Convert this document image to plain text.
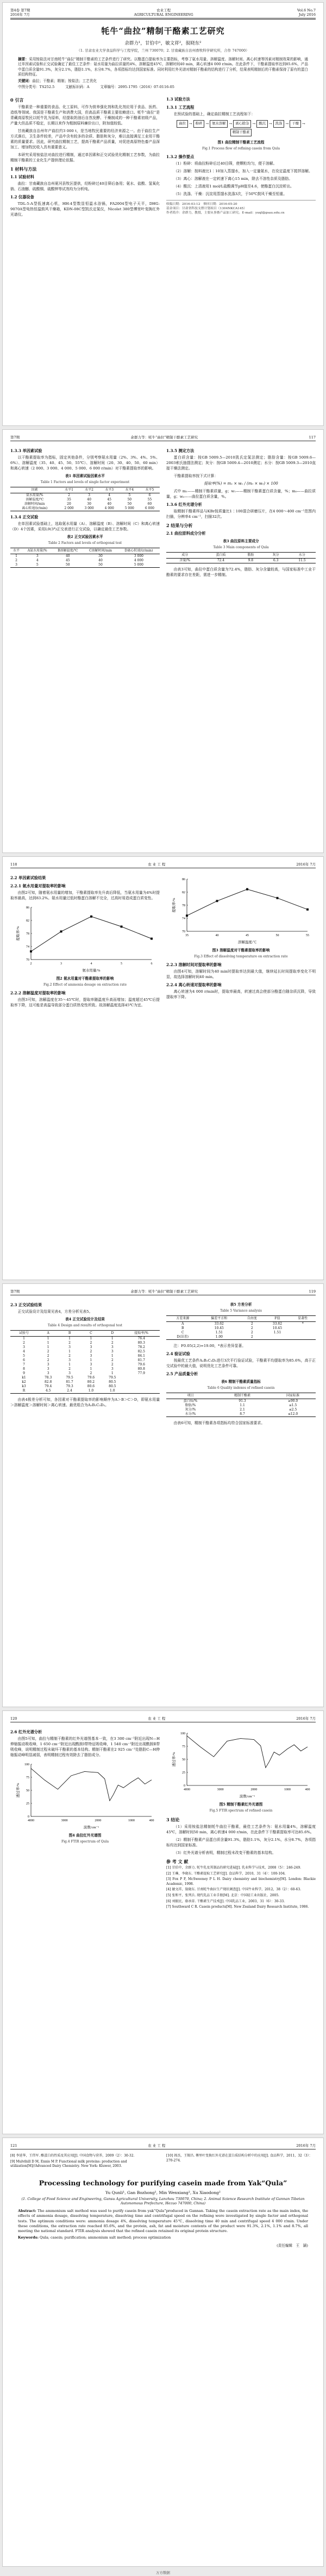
第4卷 第7期
2016年 7月
农业工程
AGRICULTURAL ENGINEERING
Vol.6 No.7
July 2016
牦牛“曲拉”精制干酪素工艺研究
余群力¹，甘伯中¹，敏文祥²，叙晓东²
（1. 甘肃农业大学食品科学与工程学院，兰州 730070；2. 甘南藏族自治州畜牧科学研究所，合作 747000）
摘要：采用铵盐法对甘南牦牛“曲拉”精制干酪素的工艺条件进行了研究。以酪蛋白提取率为主要指标，考察了氨水用量、溶解温度、溶解时间、离心转速等因素对精制效果的影响，通过单因素试验和正交试验确定了最佳工艺条件：氨水用量为曲拉质量的4%，溶解温度45℃，溶解时间40 min，离心转速4 000 r/min。在此条件下，干酪素提取率达到85.6%，产品中蛋白质含量91.3%，灰分2.1%，脂肪1.1%，水分8.7%，各项指标均达到国家标准。同时利用红外光谱对精制干酪素的结构进行了分析，结果表明精制后的干酪素保持了原有的蛋白质结构特征。
关键词：曲拉；干酪素；精制；铵盐法；工艺优化
中图分类号：TS252.5　　　文献标识码：A　　　文章编号：2095-1795（2016）07-0116-05
0 引言

干酪素是一种重要的食品、化工原料，可作为营养强化剂和乳化剂应用于食品、医药、造纸等领域。我国是干酪素生产和消费大国，但高品质干酪素主要依赖进口。牦牛“曲拉”是青藏高原牧民以牦牛乳为原料，经提取奶油后自然发酵、干燥制成的一种干酪素初级产品，产量大但品质不稳定，长期以来作为粗制原料廉价出口，附加值较低。

甘南藏族自治州年产曲拉约3 000 t，是当地牧民重要的经济来源之一。由于曲拉生产方式落后，卫生条件较差，产品中含有较多的杂质、脂肪和灰分，难以直接满足工业用干酪素的质量要求。因此，研究曲拉精制工艺，提高干酪素产品质量，对促进高原特色畜产品深加工、增加牧民收入具有重要意义。

本研究采用铵盐法对曲拉进行精制，通过单因素和正交试验优化精制工艺参数，为曲拉精制干酪素的工业化生产提供理论依据。

1 材料与方法
1.1 试验材料

曲拉：甘南藏族自治州夏河县牧区提供，经粉碎过40目筛后备用；氨水、盐酸、氢氧化钠、石油醚、硫酸铜、硫酸钾等试剂均为分析纯。

1.2 仪器设备

TDL-5-A型低速离心机，HH-4型数显恒温水浴锅，FA2004型电子天平，DHG-9070A型电热恒温鼓风干燥箱，KDN-08C型凯氏定氮仪，Nicolet 380型傅里叶变换红外光谱仪。

1.3 试验方法
1.3.1 工艺流程

在预试验的基础上，确定曲拉精制工艺流程如下：

曲拉 → 粉碎 → 氨水溶解 → 离心除杂 → 酸沉 → 洗涤 → 干燥 →
精制干酪素
图1 曲拉精制干酪素工艺流程
Fig.1 Process flow of refining casein from Qula
1.3.2 操作要点

（1）粉碎：将曲拉粉碎后过40目筛，使颗粒均匀，便于溶解。

（2）溶解：按料液比1∶10加入蒸馏水，加入一定量氨水，在设定温度下搅拌溶解。

（3）离心：溶解液在一定转速下离心15 min，除去不溶性杂质及脂肪。

（4）酸沉：上清液用1 mol/L盐酸调节pH值至4.6，使酪蛋白沉淀析出。

（5）洗涤、干燥：沉淀用蒸馏水洗涤3次，于50℃鼓风干燥至恒重。

收稿日期：2016-03-12　修回日期：2016-05-20
基金项目：甘肃省科技支撑计划项目（1304NKCA145）
作者简介：余群力，教授，主要从事畜产品加工研究。E-mail：yuql@gsau.edu.cn
第7期	余群力等：牦牛“曲拉”精制干酪素工艺研究	117
1.3.3 单因素试验

以干酪素提取率为指标，固定其他条件，分别考察氨水用量（2%、3%、4%、5%、6%）、溶解温度（35、40、45、50、55℃）、溶解时间（20、30、40、50、60 min）和离心转速（2 000、3 000、4 000、5 000、6 000 r/min）对干酪素提取率的影响。

表1 单因素试验因素水平
Table 1 Factors and levels of single factor experiment
因素	水平1	水平2	水平3	水平4	水平5
氨水用量/%	2	3	4	5	6
溶解温度/℃	35	40	45	50	55
溶解时间/min	20	30	40	50	60
离心转速/(r/min)	2 000	3 000	4 000	5 000	6 000
1.3.4 正交试验

在单因素试验基础上，选取氨水用量（A）、溶解温度（B）、溶解时间（C）和离心转速（D）4个因素，采用L9(3⁴)正交表进行正交试验，以确定最佳工艺参数。

表2 正交试验因素水平
Table 2 Factors and levels of orthogonal test
水平	A氨水用量/%	B溶解温度/℃	C溶解时间/min	D离心转速/(r/min)
1	3	40	30	3 000
2	4	45	40	4 000
3	5	50	50	5 000
1.3.5 测定方法

蛋白质含量：按GB 5009.5—2010凯氏定氮法测定；脂肪含量：按GB 5009.6—2003索氏抽提法测定；灰分：按GB 5009.4—2010测定；水分：按GB 5009.3—2010直接干燥法测定。

干酪素提取率按下式计算：

提取率(%) = m₁ × w₁ / (m₀ × w₀) × 100

式中 m₁——精制干酪素质量，g；w₁——精制干酪素蛋白质含量，%；m₀——曲拉质量，g；w₀——曲拉蛋白质含量，%。

1.3.6 红外光谱分析

取精制干酪素样品与KBr按质量比1∶100混合研磨压片，在4 000～400 cm⁻¹范围内扫描，分辨率4 cm⁻¹，扫描32次。

2 结果与分析
2.1 曲拉原料成分分析
表3 曲拉原料主要成分
Table 3 Main components of Qula
成分	蛋白质	脂肪	灰分	水分
含量/%	72.4	9.8	6.3	11.5

由表3可知，曲拉中蛋白质含量为72.4%，脂肪、灰分含量较高，与国家标准中工业干酪素的要求存在差距，需进一步精制。

118	农 业 工 程	2016年 7月
2.2 单因素试验结果
2.2.1 氨水用量对提取率的影响

由图2可知，随着氨水用量的增加，干酪素提取率先升高后降低，当氨水用量为4%时提取率最高，达到83.2%。氨水用量过低时酪蛋白溶解不完全，过高时易造成蛋白质变性。

70
74
78
82
86
2	3	4	5	6
氨水用量/%
提取率/%
图2 氨水用量对干酪素提取率的影响
Fig.2 Effect of ammonia dosage on extraction rate
2.2.2 溶解温度对提取率的影响

由图3可知，溶解温度在35～45℃时，提取率随温度升高而增加；温度超过45℃后提取率下降，这可能是高温导致部分蛋白质热变性所致。故溶解温度选择45℃为宜。

70
74
78
82
86
35	40	45	50	55
溶解温度/℃
提取率/%
图3 溶解温度对干酪素提取率的影响
Fig.3 Effect of dissolving temperature on extraction rate
2.2.3 溶解时间对提取率的影响

由图4可知，溶解时间为40 min时提取率达到最大值，继续延长时间提取率变化不明显，故选择溶解时间40 min。

2.2.4 离心转速对提取率的影响

离心转速为4 000 r/min时，提取率最高，转速过高会使部分酪蛋白随杂质沉降，导致提取率下降。

第7期	余群力等：牦牛“曲拉”精制干酪素工艺研究	119
2.3 正交试验结果

正交试验设计及结果见表4，方差分析见表5。

表4 正交试验设计及结果
Table 4 Design and results of orthogonal test
试验号	A	B	C	D	提取率/%
1	1	1	1	1	76.4
2	1	2	2	2	80.3
3	1	3	3	3	78.2
4	2	1	2	3	82.5
5	2	2	3	1	84.1
6	2	3	1	2	81.7
7	3	1	3	2	79.6
8	3	2	1	3	80.8
9	3	3	2	1	77.9
k1	78.3	79.5	79.6	79.5	
k2	82.8	81.7	80.2	80.5	
k3	79.4	79.3	80.6	80.5	
R	4.5	2.4	1.0	1.0	

由表4极差分析可知，各因素对干酪素提取率的影响顺序为A＞B＞C＞D，即氨水用量＞溶解温度＞溶解时间＞离心转速。最优组合为A₂B₂C₃D₂。

表5 方差分析
Table 5 Variance analysis
方差来源	偏差平方和	自由度	F值	显著性
A	33.62	2	33.62	*
B	10.45	2	10.45	
C	1.51	2	1.51	
D(误差)	1.00	2		

注：F0.05(2,2)=19.00，*表示差异显著。

2.4 验证试验

按最优工艺条件A₂B₂C₃D₂进行3次平行验证试验，干酪素平均提取率为85.6%，高于正交试验中的最大值，说明优化工艺条件可靠。

2.5 产品质量分析
表6 精制干酪素质量指标
Table 6 Quality indexes of refined casein
项目	精制干酪素	国家标准
蛋白质/%	91.3	≥90.0
脂肪/%	1.1	≤1.5
灰分/%	2.1	≤2.5
水分/%	8.7	≤12.0

由表6可知，精制干酪素各项指标均符合国家标准要求。

120	农 业 工 程	2016年 7月
2.6 红外光谱分析

由图5可知，曲拉与精制干酪素的红外光谱图基本一致，在3 300 cm⁻¹附近出现N—H伸缩振动吸收峰，1 650 cm⁻¹附近出现酰胺Ⅰ带特征吸收峰，1 540 cm⁻¹附近出现酰胺Ⅱ带吸收峰，说明精制过程未破坏干酪素的基本结构。精制干酪素在2 925 cm⁻¹处脂肪C—H伸缩振动峰明显减弱，表明精制过程有效除去了脂肪成分。

0
25
50
75
100
4000	3000	2000	1000	400
波数/cm⁻¹
透过率/%
图4 曲拉红外光谱图
Fig.4 FTIR spectrum of Qula
0
25
50
75
100
4000	3000	2000	1000	400
波数/cm⁻¹
透过率/%
图5 精制干酪素红外光谱图
Fig.5 FTIR spectrum of refined casein
3 结论

（1）采用铵盐法精制牦牛曲拉干酪素，最佳工艺条件为：氨水用量4%，溶解温度45℃，溶解时间50 min，离心转速4 000 r/min，在此条件下干酪素提取率可达85.6%。

（2）精制干酪素产品蛋白质含量91.3%，脂肪1.1%，灰分2.1%，水分8.7%，各项指标均达到国家标准。

（3）红外光谱分析表明，精制过程未改变干酪素的基本结构。

参 考 文 献
[1] 甘伯中，余群力. 牦牛乳及其制品的研究进展[J]. 乳业科学与技术，2008（5）：246-249.
[2] 王琳，李晓东. 干酪素提取工艺研究[J]. 食品科学，2010，31（4）：100-104.
[3] Fox P F, McSweeney P L H. Dairy chemistry and biochemistry[M]. London: Blackie Academic, 1998.
[4] 敏文祥，叙晓东. 甘南牦牛曲拉生产现状调查[J]. 中国牛业科学，2012，38（2）：60-63.
[5] 张和平，张列兵. 现代乳品工业手册[M]. 北京：中国轻工业出版社，2005.
[6] 刘振民，骆承庠. 干酪素生产技术[J]. 中国乳品工业，2003，31（6）：30-33.
[7] Southward C R. Casein products[M]. New Zealand Dairy Research Institute, 1986.
121	农 业 工 程	2016年 7月
[8] 李延华，王伟军. 酪蛋白的性质及其应用[J]. 中国食物与营养，2009（2）：30-32.
[9] Mulvihill D M, Ennis M P. Functional milk proteins: production and utilization[M]//Advanced Dairy Chemistry. New York: Kluwer, 2003.
[10] 阎杰，王锡昌. 傅里叶变换红外光谱在蛋白质结构分析中的应用[J]. 食品科学，2011，32（3）：270-274.
Processing technology for purifying casein made from Yak“Qula”
Yu Qunli¹, Gan Bozhong¹, Min Wenxiang², Xu Xiaodong²
(1. College of Food Science and Engineering, Gansu Agricultural University, Lanzhou 730070, China; 2. Animal Science Research Institute of Gannan Tibetan Autonomous Prefecture, Hezuo 747000, China)
Abstract: The ammonium salt method was used to purify casein from yak“Qula”produced in Gannan. Taking the casein extraction rate as the main index, the effects of ammonia dosage, dissolving temperature, dissolving time and centrifugal speed on the refining were investigated by single factor and orthogonal tests. The optimum conditions were: ammonia dosage 4%, dissolving temperature 45℃, dissolving time 40 min and centrifugal speed 4 000 r/min. Under these conditions, the extraction rate reached 85.6%, and the protein, ash, fat and moisture contents of the product were 91.3%, 2.1%, 1.1% and 8.7%, all meeting the national standard. FTIR analysis showed that the refined casein retained its original protein structure.
Keywords: Qula; casein; purification; ammonium salt method; process optimization
(责任编辑　王　颖)
万方数据
